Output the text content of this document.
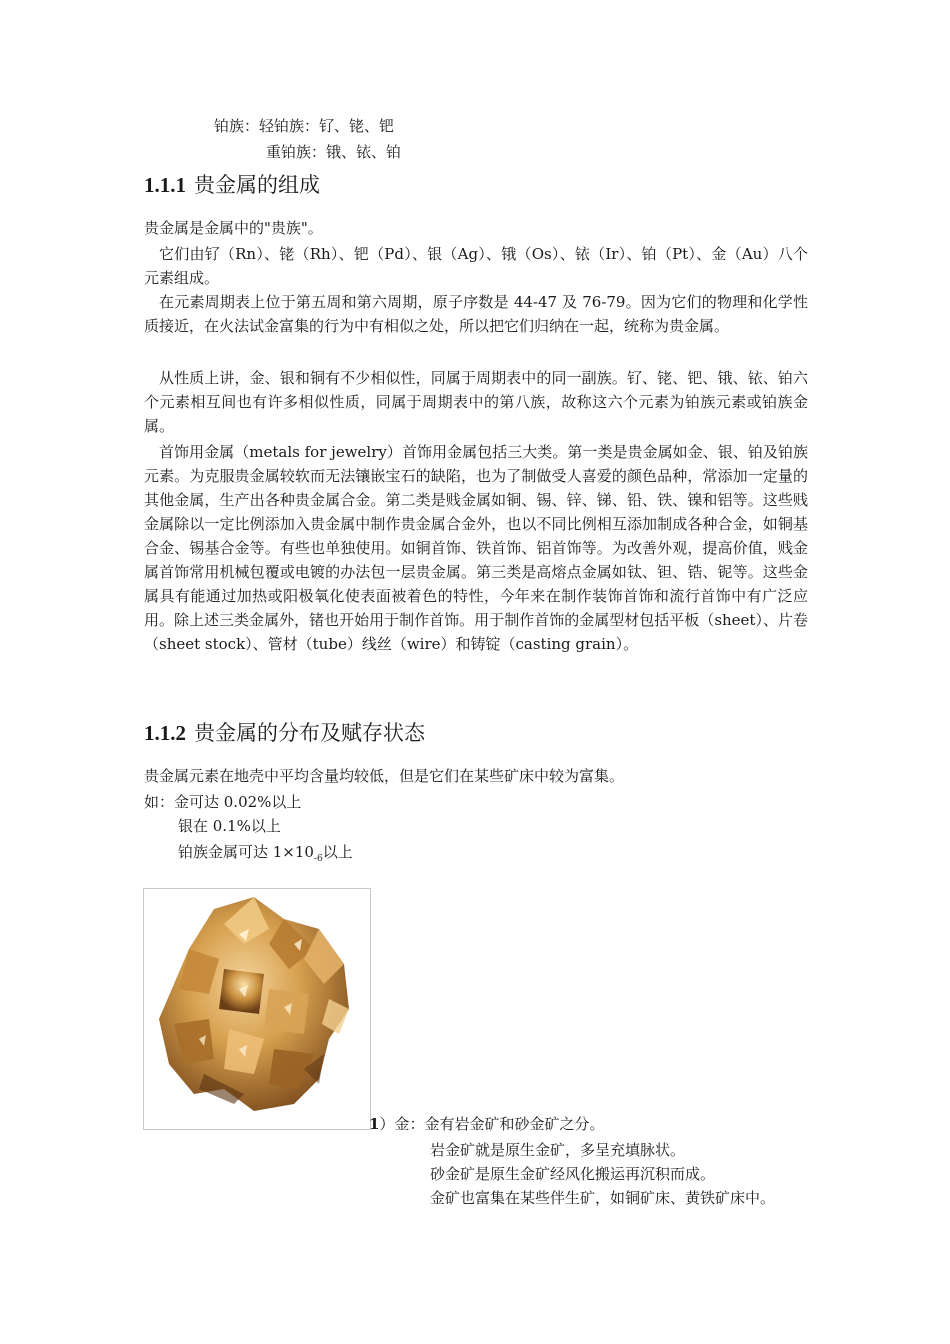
铂族：轻铂族：钌、铑、钯
重铂族：锇、铱、铂
1.1.1 贵金属的组成
贵金属是金属中的"贵族"。
它们由钌（Rn）、铑（Rh）、钯（Pd）、银（Ag）、锇（Os）、铱（Ir）、铂（Pt）、金（Au）八个元素组成。
在元素周期表上位于第五周和第六周期，原子序数是 44-47 及 76-79。因为它们的物理和化学性质接近，在火法试金富集的行为中有相似之处，所以把它们归纳在一起，统称为贵金属。
从性质上讲，金、银和铜有不少相似性，同属于周期表中的同一副族。钌、铑、钯、锇、铱、铂六个元素相互间也有许多相似性质，同属于周期表中的第八族，故称这六个元素为铂族元素或铂族金属。
首饰用金属（metals for jewelry）首饰用金属包括三大类。第一类是贵金属如金、银、铂及铂族元素。为克服贵金属较软而无法镶嵌宝石的缺陷，也为了制做受人喜爱的颜色品种，常添加一定量的其他金属，生产出各种贵金属合金。第二类是贱金属如铜、锡、锌、锑、铅、铁、镍和铝等。这些贱金属除以一定比例添加入贵金属中制作贵金属合金外，也以不同比例相互添加制成各种合金，如铜基合金、锡基合金等。有些也单独使用。如铜首饰、铁首饰、铝首饰等。为改善外观，提高价值，贱金属首饰常用机械包覆或电镀的办法包一层贵金属。第三类是高熔点金属如钛、钽、锆、铌等。这些金属具有能通过加热或阳极氧化使表面被着色的特性，今年来在制作装饰首饰和流行首饰中有广泛应用。除上述三类金属外，锗也开始用于制作首饰。用于制作首饰的金属型材包括平板（sheet）、片卷（sheet stock）、管材（tube）线丝（wire）和铸锭（casting grain）。
1.1.2 贵金属的分布及赋存状态
贵金属元素在地壳中平均含量均较低，但是它们在某些矿床中较为富集。
如：金可达 0.02%以上
银在 0.1%以上
铂族金属可达 $1\times 10_{-6}$以上
1）金：金有岩金矿和砂金矿之分。
岩金矿就是原生金矿，多呈充填脉状。
砂金矿是原生金矿经风化搬运再沉积而成。
金矿也富集在某些伴生矿，如铜矿床、黄铁矿床中。
